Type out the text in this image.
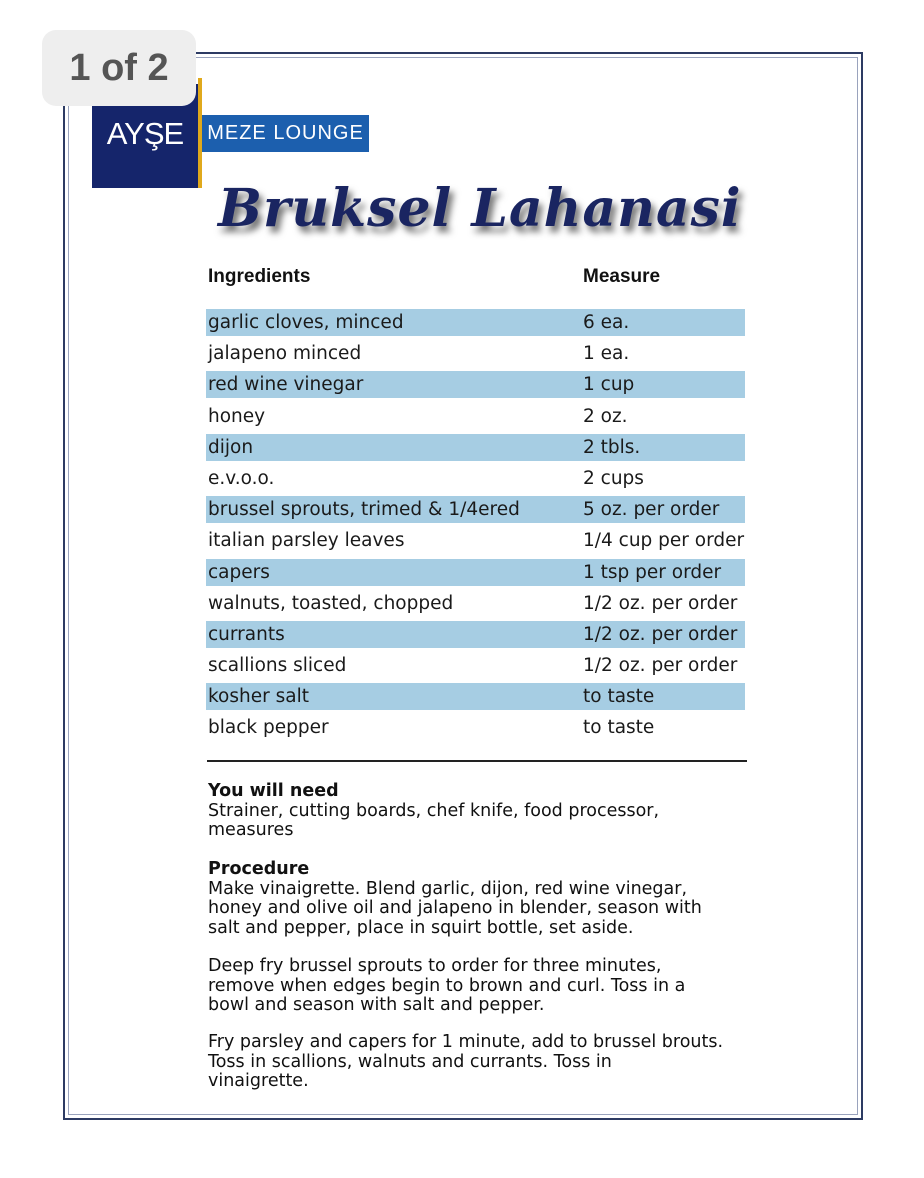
1 of 2
AYŞE	MEZE LOUNGE
Bruksel Lahanasi
Ingredients	Measure
garlic cloves, minced	6 ea.
jalapeno minced	1 ea.
red wine vinegar	1 cup
honey	2 oz.
dijon	2 tbls.
e.v.o.o.	2 cups
brussel sprouts, trimed & 1/4ered	5 oz. per order
italian parsley leaves	1/4 cup per order
capers	1 tsp per order
walnuts, toasted, chopped	1/2 oz. per order
currants	1/2 oz. per order
scallions sliced	1/2 oz. per order
kosher salt	to taste
black pepper	to taste
You will need

Strainer, cutting boards, chef knife, food processor,

measures

Procedure

Make vinaigrette. Blend garlic, dijon, red wine vinegar,

honey and olive oil and jalapeno in blender, season with

salt and pepper, place in squirt bottle, set aside.

Deep fry brussel sprouts to order for three minutes,

remove when edges begin to brown and curl. Toss in a

bowl and season with salt and pepper.

Fry parsley and capers for 1 minute, add to brussel brouts.

Toss in scallions, walnuts and currants. Toss in

vinaigrette.
